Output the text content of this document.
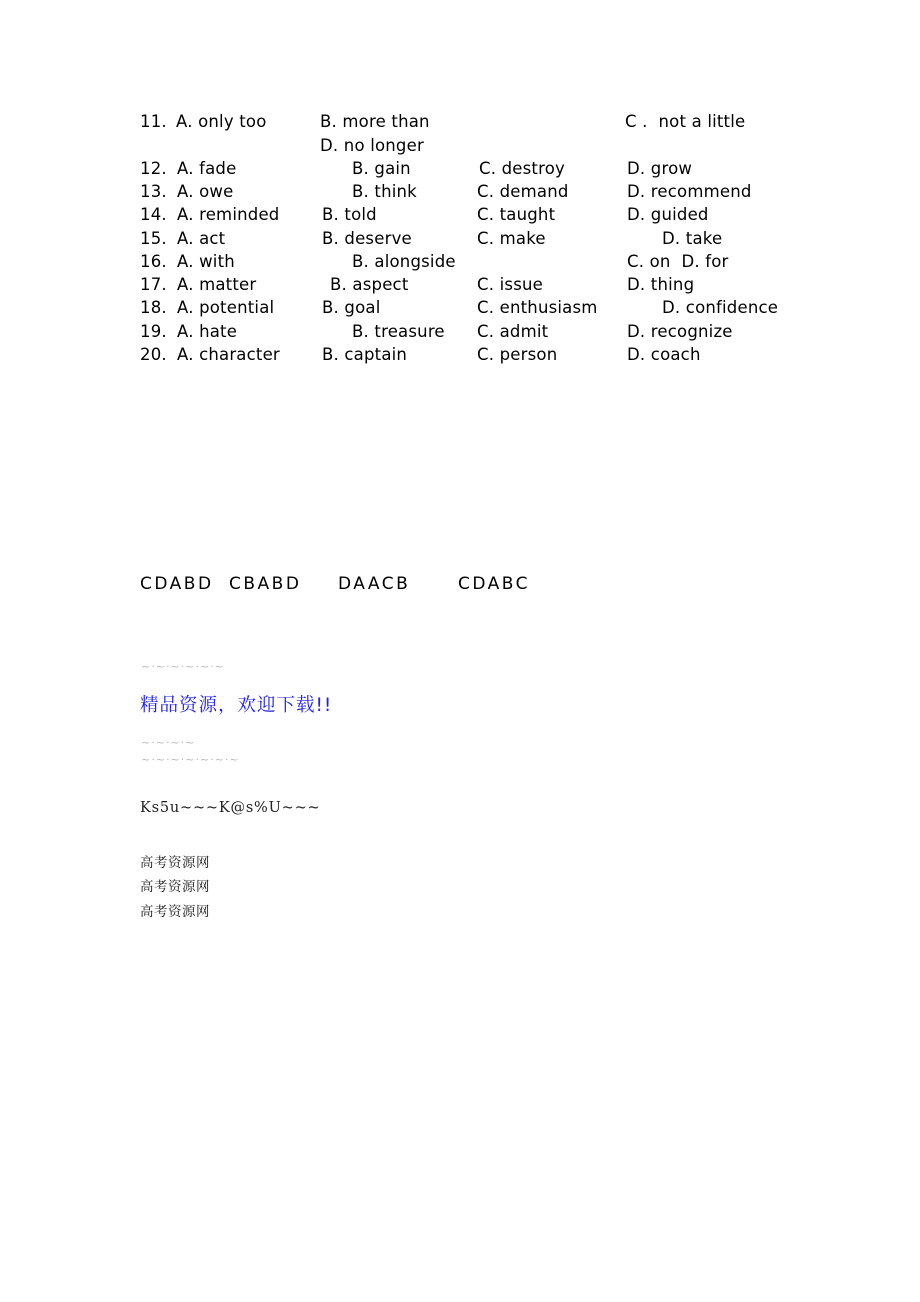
11.

A. only too

	B. more than

	C .  not a little

D. no longer

12.

A. fade

	B. gain

	C. destroy

	D. grow

13.

A. owe

	B. think

	C. demand

	D. recommend

14.

A. reminded

	B. told

	C. taught

	D. guided

15.

A. act

	B. deserve

	C. make

	D. take

16.

A. with

	B. alongside

	C. on  D. for

17.

A. matter

	B. aspect

	C. issue

	D. thing

18.

A. potential

	B. goal

	C. enthusiasm

	D. confidence

19.

A. hate

	B. treasure

C. admit

	D. recognize

20.

A. character

	B. captain

	C. person

	D. coach

CDABD

CBABD

DAACB

	CDABC

~·~·~·~·~·~
~·~·~·~
~·~·~·~·~·~·~
精品资源，欢迎下载!!
Ks5u~~~K@s%U~~~
高考资源网
高考资源网
高考资源网
